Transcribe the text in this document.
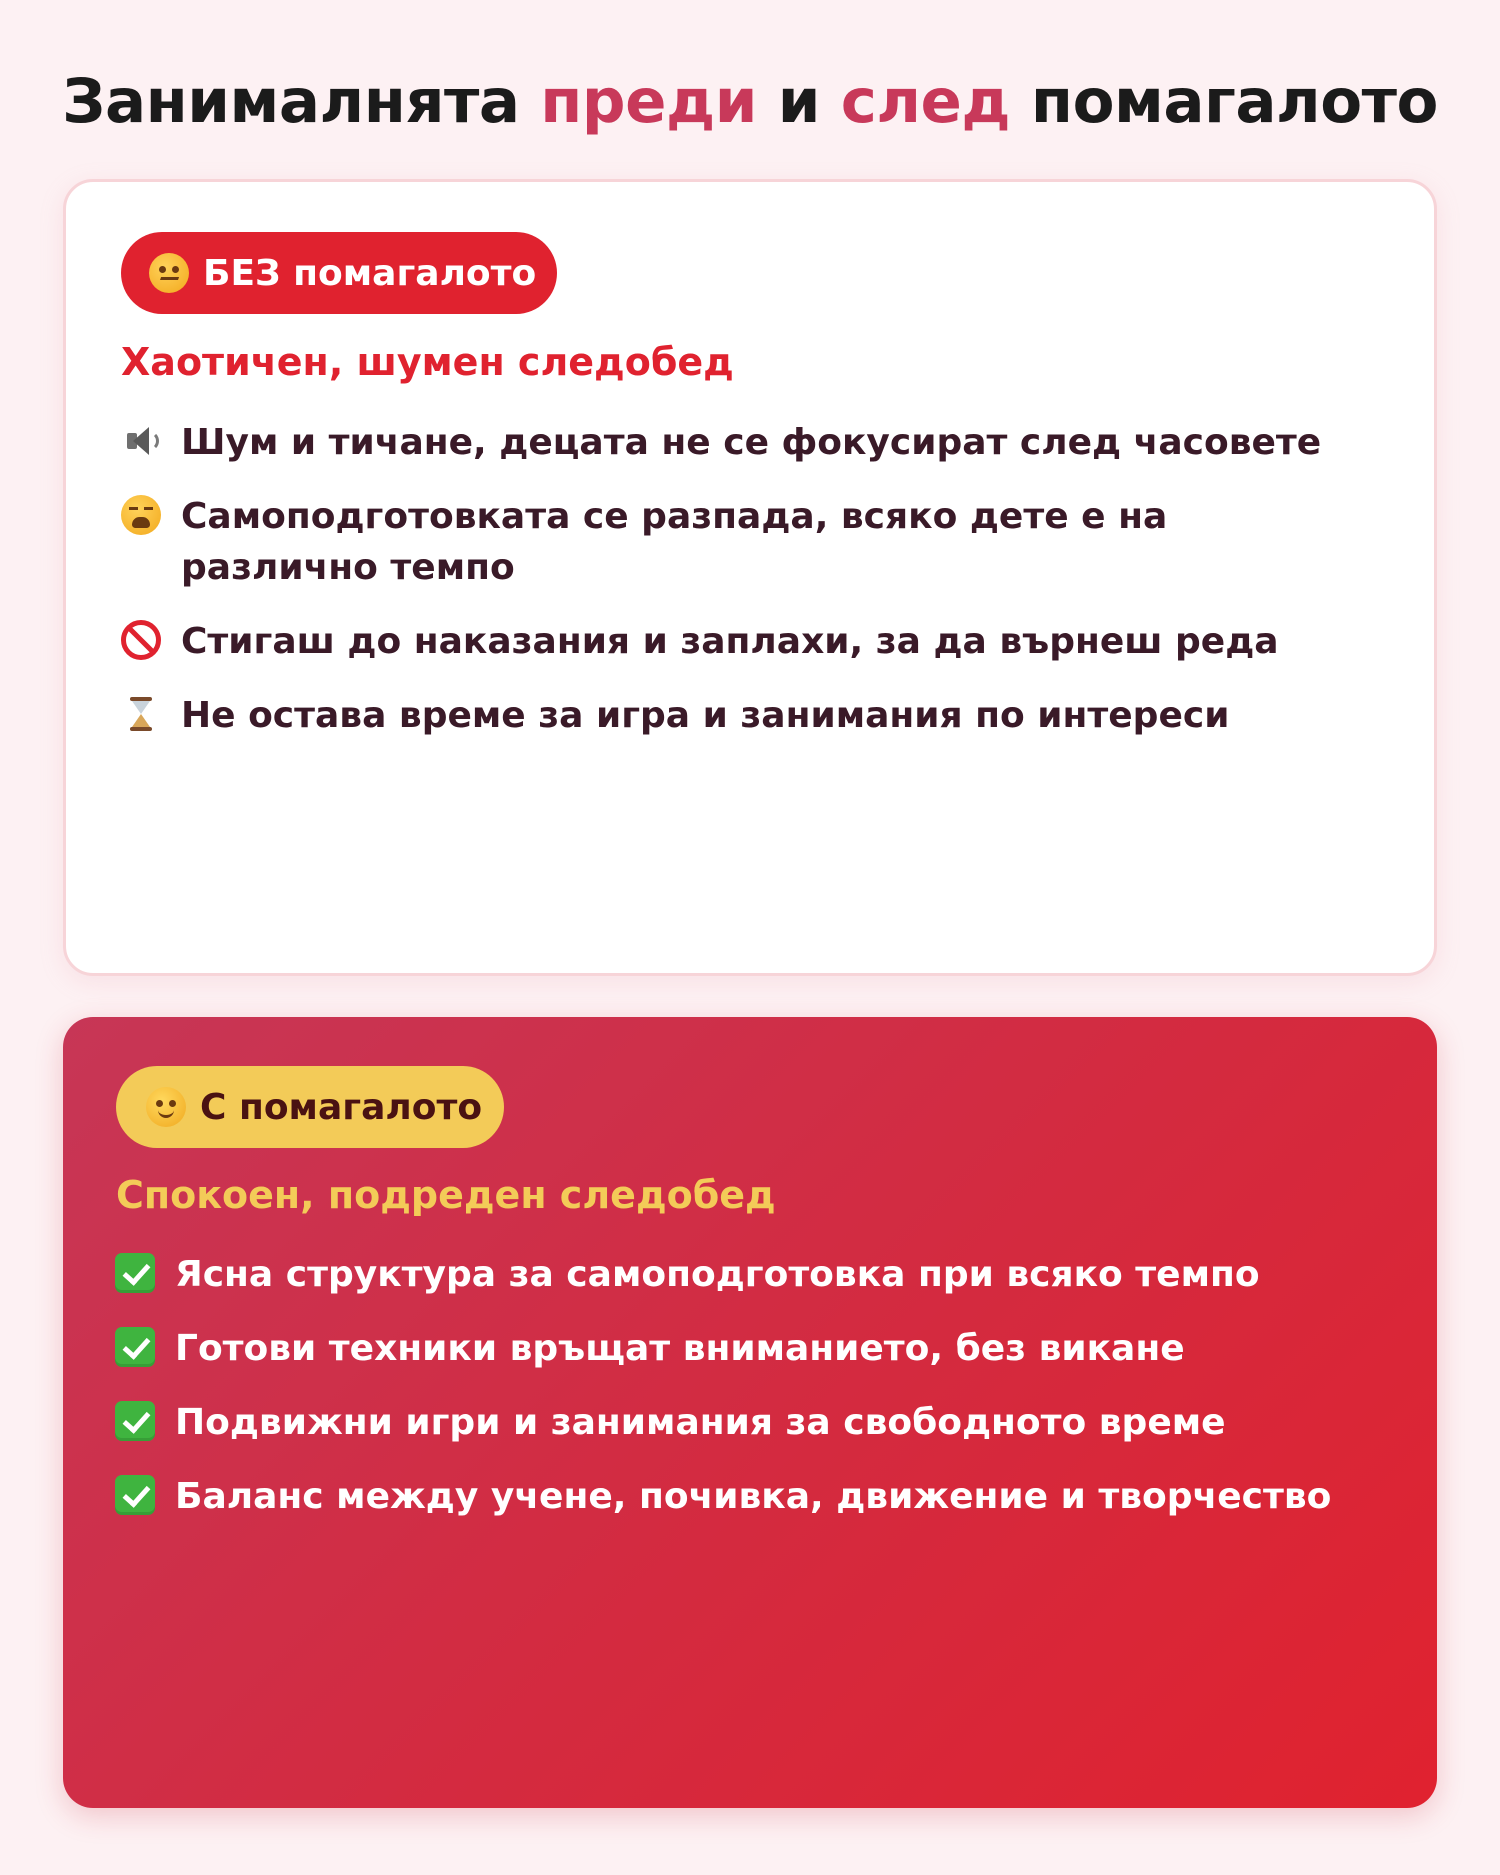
Занималнята преди и след помагалото
БЕЗ помагалото
Хаотичен, шумен следобед
Шум и тичане, децата не се фокусират след часовете
Самоподготовката се разпада, всяко дете е на различно темпо
Стигаш до наказания и заплахи, за да върнеш реда
Не остава време за игра и занимания по интереси
С помагалото
Спокоен, подреден следобед
Ясна структура за самоподготовка при всяко темпо
Готови техники връщат вниманието, без викане
Подвижни игри и занимания за свободното време
Баланс между учене, почивка, движение и творчество
